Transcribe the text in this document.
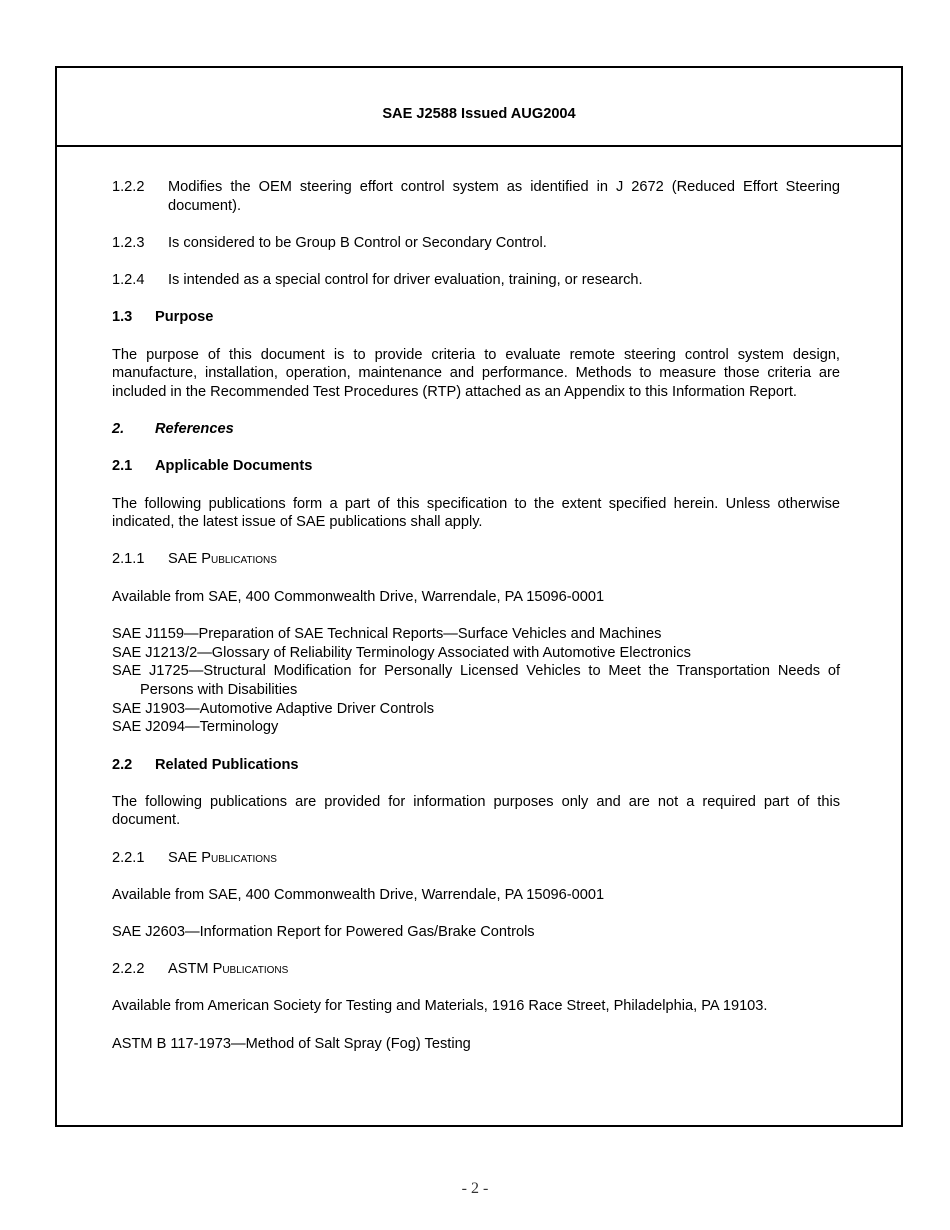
SAE J2588 Issued AUG2004
1.2.2	Modifies the OEM steering effort control system as identified in J 2672 (Reduced Effort Steering document).
1.2.3	Is considered to be Group B Control or Secondary Control.
1.2.4	Is intended as a special control for driver evaluation, training, or research.
1.3	Purpose

The purpose of this document is to provide criteria to evaluate remote steering control system design, manufacture, installation, operation, maintenance and performance. Methods to measure those criteria are included in the Recommended Test Procedures (RTP) attached as an Appendix to this Information Report.

2.	References
2.1	Applicable Documents

The following publications form a part of this specification to the extent specified herein. Unless otherwise indicated, the latest issue of SAE publications shall apply.

2.1.1	SAE Publications

Available from SAE, 400 Commonwealth Drive, Warrendale, PA 15096-0001

SAE J1159—Preparation of SAE Technical Reports—Surface Vehicles and Machines

SAE J1213/2—Glossary of Reliability Terminology Associated with Automotive Electronics

SAE J1725—Structural Modification for Personally Licensed Vehicles to Meet the Transportation Needs of Persons with Disabilities

SAE J1903—Automotive Adaptive Driver Controls

SAE J2094—Terminology

2.2	Related Publications

The following publications are provided for information purposes only and are not a required part of this document.

2.2.1	SAE Publications

Available from SAE, 400 Commonwealth Drive, Warrendale, PA 15096-0001

SAE J2603—Information Report for Powered Gas/Brake Controls

2.2.2	ASTM Publications

Available from American Society for Testing and Materials, 1916 Race Street, Philadelphia, PA 19103.

ASTM B 117-1973—Method of Salt Spray (Fog) Testing

- 2 -
